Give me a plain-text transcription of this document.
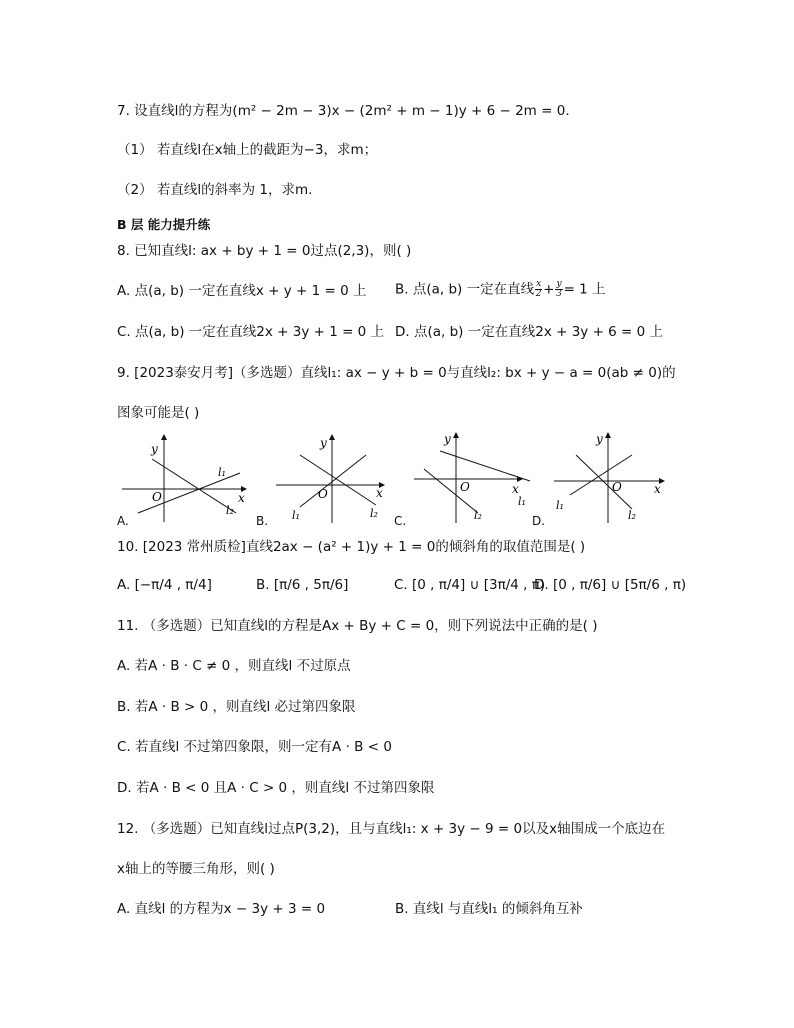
7. 设直线l的方程为(m² − 2m − 3)x − (2m² + m − 1)y + 6 − 2m = 0.
（1） 若直线l在x轴上的截距为−3，求m；
（2） 若直线l的斜率为 1，求m.
B 层 能力提升练
8. 已知直线l: ax + by + 1 = 0过点(2,3)，则( )
A. 点(a, b) 一定在直线x + y + 1 = 0 上 B. 点(a, b) 一定在直线 $\frac{x}{2} + \frac{y}{3} = 1$ 上
C. 点(a, b) 一定在直线2x + 3y + 1 = 0 上 D. 点(a, b) 一定在直线2x + 3y + 6 = 0 上
9. [2023泰安月考]（多选题）直线l₁: ax − y + b = 0与直线l₂: bx + y − a = 0(ab ≠ 0)的
图象可能是( )
y
O	x
l₁
l₂
y
O	x
l₁	l₂
y
O	x
l₁
l₂
y
O	x
l₁
l₂
A.	B.	C.	D.
10. [2023 常州质检]直线2ax − (a² + 1)y + 1 = 0的倾斜角的取值范围是( )
A. [−π/4 , π/4]	B. [π/6 , 5π/6]	C. [0 , π/4] ∪ [3π/4 , π)
D. [0 , π/6] ∪ [5π/6 , π)
11. （多选题）已知直线l的方程是Ax + By + C = 0，则下列说法中正确的是( )
A. 若A · B · C ≠ 0 ，则直线l 不过原点
B. 若A · B > 0 ，则直线l 必过第四象限
C. 若直线l 不过第四象限，则一定有A · B < 0
D. 若A · B < 0 且A · C > 0 ，则直线l 不过第四象限
12. （多选题）已知直线l过点P(3,2)，且与直线l₁: x + 3y − 9 = 0以及x轴围成一个底边在
x轴上的等腰三角形，则( )
A. 直线l 的方程为x − 3y + 3 = 0	B. 直线l 与直线l₁ 的倾斜角互补
